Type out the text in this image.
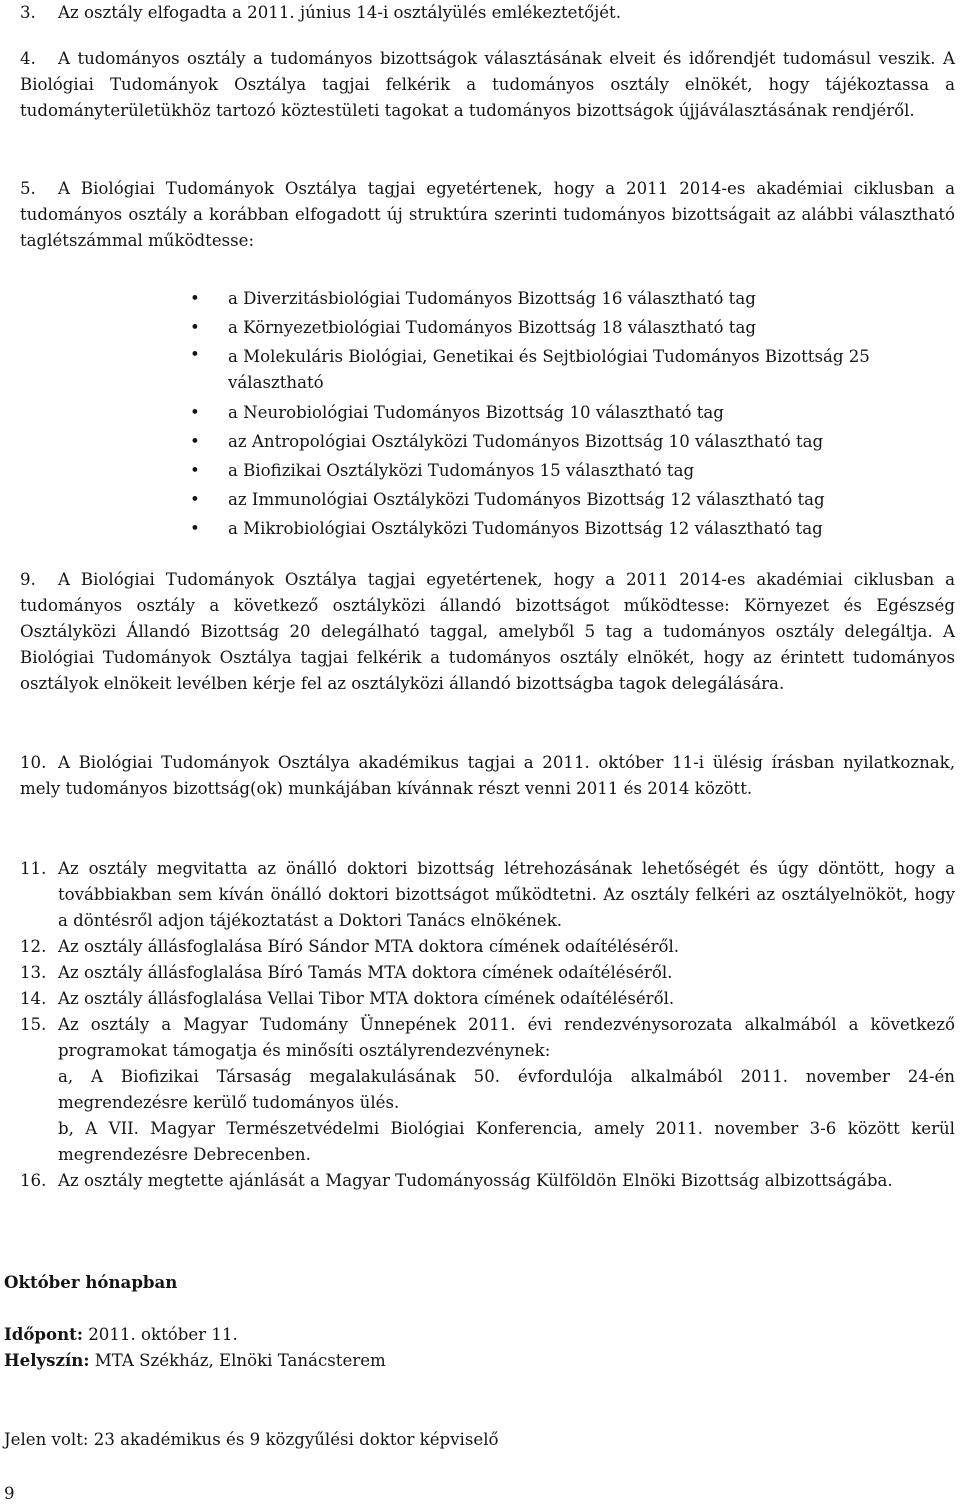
3.	Az osztály elfogadta a 2011. június 14-i osztályülés emlékeztetőjét.
4.	A tudományos osztály a tudományos bizottságok választásának elveit és időrendjét tudomásul veszik. A Biológiai Tudományok Osztálya tagjai felkérik a tudományos osztály elnökét, hogy tájékoztassa a tudományterületükhöz tartozó köztestületi tagokat a tudományos bizottságok újjáválasztásának rendjéről.
5.	A Biológiai Tudományok Osztálya tagjai egyetértenek, hogy a 2011 2014-es akadémiai ciklusban a tudományos osztály a korábban elfogadott új struktúra szerinti tudományos bizottságait az alábbi választható taglétszámmal működtesse:
• a Diverzitásbiológiai Tudományos Bizottság 16 választható tag
• a Környezetbiológiai Tudományos Bizottság 18 választható tag
• a Molekuláris Biológiai, Genetikai és Sejtbiológiai Tudományos Bizottság 25 választható
• a Neurobiológiai Tudományos Bizottság 10 választható tag
• az Antropológiai Osztályközi Tudományos Bizottság 10 választható tag
• a Biofizikai Osztályközi Tudományos 15 választható tag
• az Immunológiai Osztályközi Tudományos Bizottság 12 választható tag
• a Mikrobiológiai Osztályközi Tudományos Bizottság 12 választható tag
9.	A Biológiai Tudományok Osztálya tagjai egyetértenek, hogy a 2011 2014-es akadémiai ciklusban a tudományos osztály a következő osztályközi állandó bizottságot működtesse: Környezet és Egészség Osztályközi Állandó Bizottság 20 delegálható taggal, amelyből 5 tag a tudományos osztály delegáltja. A Biológiai Tudományok Osztálya tagjai felkérik a tudományos osztály elnökét, hogy az érintett tudományos osztályok elnökeit levélben kérje fel az osztályközi állandó bizottságba tagok delegálására.
10. A Biológiai Tudományok Osztálya akadémikus tagjai a 2011. október 11-i ülésig írásban nyilatkoznak, mely tudományos bizottság(ok) munkájában kívánnak részt venni 2011 és 2014 között.
11. Az osztály megvitatta az önálló doktori bizottság létrehozásának lehetőségét és úgy döntött, hogy a továbbiakban sem kíván önálló doktori bizottságot működtetni. Az osztály felkéri az osztályelnököt, hogy a döntésről adjon tájékoztatást a Doktori Tanács elnökének.
12. Az osztály állásfoglalása Bíró Sándor MTA doktora címének odaítéléséről.
13. Az osztály állásfoglalása Bíró Tamás MTA doktora címének odaítéléséről.
14. Az osztály állásfoglalása Vellai Tibor MTA doktora címének odaítéléséről.
15. Az osztály a Magyar Tudomány Ünnepének 2011. évi rendezvénysorozata alkalmából a következő programokat támogatja és minősíti osztályrendezvénynek:
a, A Biofizikai Társaság megalakulásának 50. évfordulója alkalmából 2011. november 24-én megrendezésre kerülő tudományos ülés.
b, A VII. Magyar Természetvédelmi Biológiai Konferencia, amely 2011. november 3-6 között kerül megrendezésre Debrecenben.
16. Az osztály megtette ajánlását a Magyar Tudományosság Külföldön Elnöki Bizottság albizottságába.
Október hónapban
Időpont: 2011. október 11.
Helyszín: MTA Székház, Elnöki Tanácsterem
Jelen volt: 23 akadémikus és 9 közgyűlési doktor képviselő
9
